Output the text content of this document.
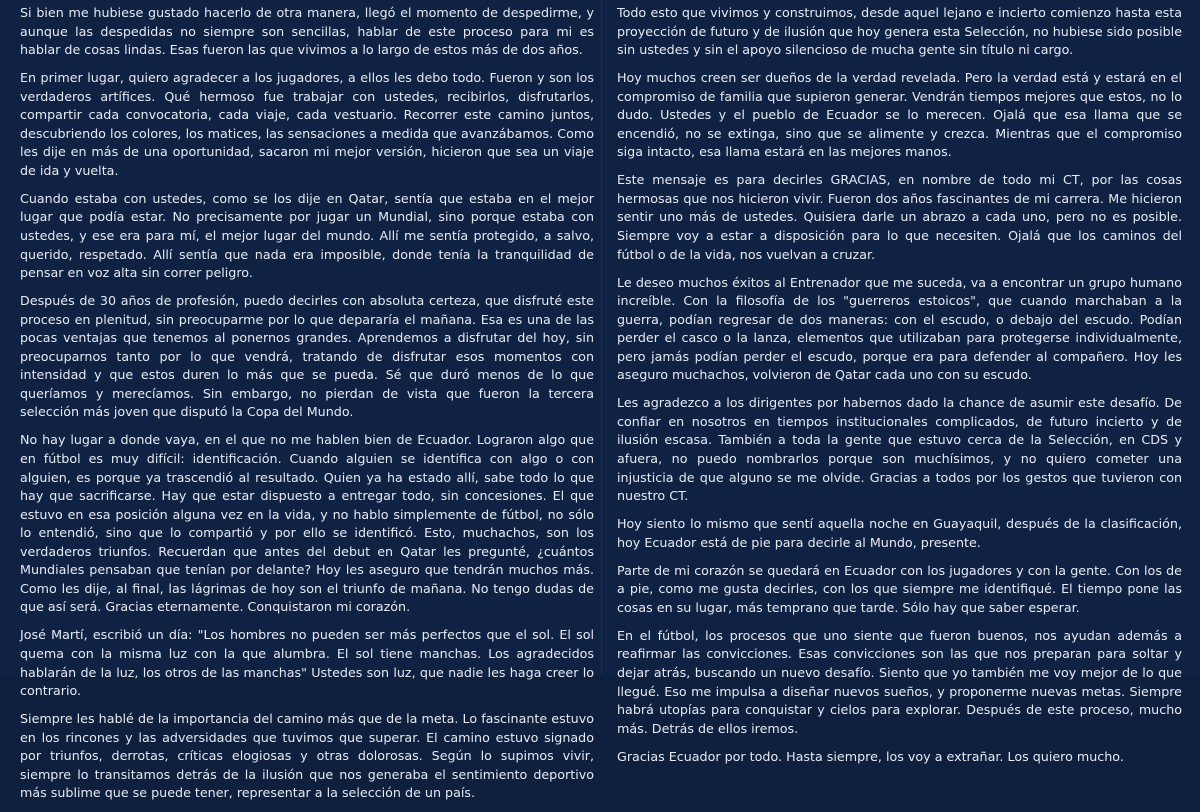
Si bien me hubiese gustado hacerlo de otra manera, llegó el momento de despedirme, y aunque las despedidas no siempre son sencillas, hablar de este proceso para mi es hablar de cosas lindas. Esas fueron las que vivimos a lo largo de estos más de dos años.

En primer lugar, quiero agradecer a los jugadores, a ellos les debo todo. Fueron y son los verdaderos artífices. Qué hermoso fue trabajar con ustedes, recibirlos, disfrutarlos, compartir cada convocatoria, cada viaje, cada vestuario. Recorrer este camino juntos, descubriendo los colores, los matices, las sensaciones a medida que avanzábamos. Como les dije en más de una oportunidad, sacaron mi mejor versión, hicieron que sea un viaje de ida y vuelta.

Cuando estaba con ustedes, como se los dije en Qatar, sentía que estaba en el mejor lugar que podía estar. No precisamente por jugar un Mundial, sino porque estaba con ustedes, y ese era para mí, el mejor lugar del mundo. Allí me sentía protegido, a salvo, querido, respetado. Allí sentía que nada era imposible, donde tenía la tranquilidad de pensar en voz alta sin correr peligro.

Después de 30 años de profesión, puedo decirles con absoluta certeza, que disfruté este proceso en plenitud, sin preocuparme por lo que depararía el mañana. Esa es una de las pocas ventajas que tenemos al ponernos grandes. Aprendemos a disfrutar del hoy, sin preocuparnos tanto por lo que vendrá, tratando de disfrutar esos momentos con intensidad y que estos duren lo más que se pueda. Sé que duró menos de lo que queríamos y merecíamos. Sin embargo, no pierdan de vista que fueron la tercera selección más joven que disputó la Copa del Mundo.

No hay lugar a donde vaya, en el que no me hablen bien de Ecuador. Lograron algo que en fútbol es muy difícil: identificación. Cuando alguien se identifica con algo o con alguien, es porque ya trascendió al resultado. Quien ya ha estado allí, sabe todo lo que hay que sacrificarse. Hay que estar dispuesto a entregar todo, sin concesiones. El que estuvo en esa posición alguna vez en la vida, y no hablo simplemente de fútbol, no sólo lo entendió, sino que lo compartió y por ello se identificó. Esto, muchachos, son los verdaderos triunfos. Recuerdan que antes del debut en Qatar les pregunté, ¿cuántos Mundiales pensaban que tenían por delante? Hoy les aseguro que tendrán muchos más. Como les dije, al final, las lágrimas de hoy son el triunfo de mañana. No tengo dudas de que así será. Gracias eternamente. Conquistaron mi corazón.

José Martí, escribió un día: "Los hombres no pueden ser más perfectos que el sol. El sol quema con la misma luz con la que alumbra. El sol tiene manchas. Los agradecidos hablarán de la luz, los otros de las manchas" Ustedes son luz, que nadie les haga creer lo contrario.

Siempre les hablé de la importancia del camino más que de la meta. Lo fascinante estuvo en los rincones y las adversidades que tuvimos que superar. El camino estuvo signado por triunfos, derrotas, críticas elogiosas y otras dolorosas. Según lo supimos vivir, siempre lo transitamos detrás de la ilusión que nos generaba el sentimiento deportivo más sublime que se puede tener, representar a la selección de un país.

Todo esto que vivimos y construimos, desde aquel lejano e incierto comienzo hasta esta proyección de futuro y de ilusión que hoy genera esta Selección, no hubiese sido posible sin ustedes y sin el apoyo silencioso de mucha gente sin título ni cargo.

Hoy muchos creen ser dueños de la verdad revelada. Pero la verdad está y estará en el compromiso de familia que supieron generar. Vendrán tiempos mejores que estos, no lo dudo. Ustedes y el pueblo de Ecuador se lo merecen. Ojalá que esa llama que se encendió, no se extinga, sino que se alimente y crezca. Mientras que el compromiso siga intacto, esa llama estará en las mejores manos.

Este mensaje es para decirles GRACIAS, en nombre de todo mi CT, por las cosas hermosas que nos hicieron vivir. Fueron dos años fascinantes de mi carrera. Me hicieron sentir uno más de ustedes. Quisiera darle un abrazo a cada uno, pero no es posible. Siempre voy a estar a disposición para lo que necesiten. Ojalá que los caminos del fútbol o de la vida, nos vuelvan a cruzar.

Le deseo muchos éxitos al Entrenador que me suceda, va a encontrar un grupo humano increíble. Con la filosofía de los "guerreros estoicos", que cuando marchaban a la guerra, podían regresar de dos maneras: con el escudo, o debajo del escudo. Podían perder el casco o la lanza, elementos que utilizaban para protegerse individualmente, pero jamás podían perder el escudo, porque era para defender al compañero. Hoy les aseguro muchachos, volvieron de Qatar cada uno con su escudo.

Les agradezco a los dirigentes por habernos dado la chance de asumir este desafío. De confiar en nosotros en tiempos institucionales complicados, de futuro incierto y de ilusión escasa. También a toda la gente que estuvo cerca de la Selección, en CDS y afuera, no puedo nombrarlos porque son muchísimos, y no quiero cometer una injusticia de que alguno se me olvide. Gracias a todos por los gestos que tuvieron con nuestro CT.

Hoy siento lo mismo que sentí aquella noche en Guayaquil, después de la clasificación, hoy Ecuador está de pie para decirle al Mundo, presente.

Parte de mi corazón se quedará en Ecuador con los jugadores y con la gente. Con los de a pie, como me gusta decirles, con los que siempre me identifiqué. El tiempo pone las cosas en su lugar, más temprano que tarde. Sólo hay que saber esperar.

En el fútbol, los procesos que uno siente que fueron buenos, nos ayudan además a reafirmar las convicciones. Esas convicciones son las que nos preparan para soltar y dejar atrás, buscando un nuevo desafío. Siento que yo también me voy mejor de lo que llegué. Eso me impulsa a diseñar nuevos sueños, y proponerme nuevas metas. Siempre habrá utopías para conquistar y cielos para explorar. Después de este proceso, mucho más. Detrás de ellos iremos.

Gracias Ecuador por todo. Hasta siempre, los voy a extrañar. Los quiero mucho.
